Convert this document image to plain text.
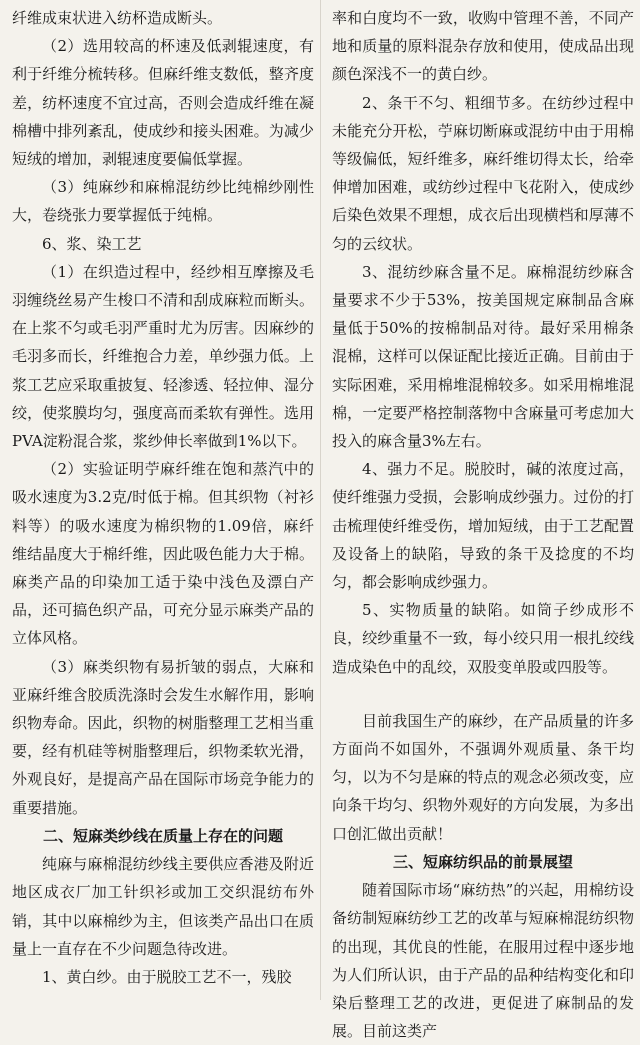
纤维成束状进入纺杯造成断头。

（2）选用较高的杯速及低剥辊速度，有利于纤维分梳转移。但麻纤维支数低，整齐度差，纺杯速度不宜过高，否则会造成纤维在凝棉槽中排列紊乱，使成纱和接头困难。为减少短绒的增加，剥辊速度要偏低掌握。

（3）纯麻纱和麻棉混纺纱比纯棉纱刚性大，卷绕张力要掌握低于纯棉。

6、浆、染工艺

（1）在织造过程中，经纱相互摩擦及毛羽缠绕丝易产生梭口不清和刮成麻粒而断头。在上浆不匀或毛羽严重时尤为厉害。因麻纱的毛羽多而长，纤维抱合力差，单纱强力低。上浆工艺应采取重披复、轻渗透、轻拉伸、湿分绞，使浆膜均匀，强度高而柔软有弹性。选用PVA淀粉混合浆，浆纱伸长率做到1%以下。

（2）实验证明苧麻纤维在饱和蒸汽中的吸水速度为3.2克/时低于棉。但其织物（衬衫料等）的吸水速度为棉织物的1.09倍，麻纤维结晶度大于棉纤维，因此吸色能力大于棉。麻类产品的印染加工适于染中浅色及漂白产品，还可搞色织产品，可充分显示麻类产品的立体风格。

（3）麻类织物有易折皱的弱点，大麻和亚麻纤维含胶质洗涤时会发生水解作用，影响织物寿命。因此，织物的树脂整理工艺相当重要，经有机硅等树脂整理后，织物柔软光滑，外观良好，是提高产品在国际市场竞争能力的重要措施。

二、短麻类纱线在质量上存在的问题

纯麻与麻棉混纺纱线主要供应香港及附近地区成衣厂加工针织衫或加工交织混纺布外销，其中以麻棉纱为主，但该类产品出口在质量上一直存在不少问题急待改进。

1、黄白纱。由于脱胶工艺不一，残胶

率和白度均不一致，收购中管理不善，不同产地和质量的原料混杂存放和使用，使成品出现颜色深浅不一的黄白纱。

2、条干不匀、粗细节多。在纺纱过程中未能充分开松，苧麻切断麻或混纺中由于用棉等级偏低，短纤维多，麻纤维切得太长，给牵伸增加困难，或纺纱过程中飞花附入，使成纱后染色效果不理想，成衣后出现横档和厚薄不匀的云纹状。

3、混纺纱麻含量不足。麻棉混纺纱麻含量要求不少于53%，按美国规定麻制品含麻量低于50%的按棉制品对待。最好采用棉条混棉，这样可以保证配比接近正确。目前由于实际困难，采用棉堆混棉较多。如采用棉堆混棉，一定要严格控制落物中含麻量可考虑加大投入的麻含量3%左右。

4、强力不足。脱胶时，碱的浓度过高，使纤维强力受损，会影响成纱强力。过份的打击梳理使纤维受伤，增加短绒，由于工艺配置及设备上的缺陷，导致的条干及捻度的不均匀，都会影响成纱强力。

5、实物质量的缺陷。如筒子纱成形不良，绞纱重量不一致，每小绞只用一根扎绞线造成染色中的乱绞，双股变单股或四股等。

目前我国生产的麻纱，在产品质量的许多方面尚不如国外，不强调外观质量、条干均匀，以为不匀是麻的特点的观念必须改变，应向条干均匀、织物外观好的方向发展，为多出口创汇做出贡献！

三、短麻纺织品的前景展望

随着国际市场“麻纺热”的兴起，用棉纺设备纺制短麻纺纱工艺的改革与短麻棉混纺织物的出现，其优良的性能，在服用过程中逐步地为人们所认识，由于产品的品种结构变化和印染后整理工艺的改进，更促进了麻制品的发展。目前这类产
